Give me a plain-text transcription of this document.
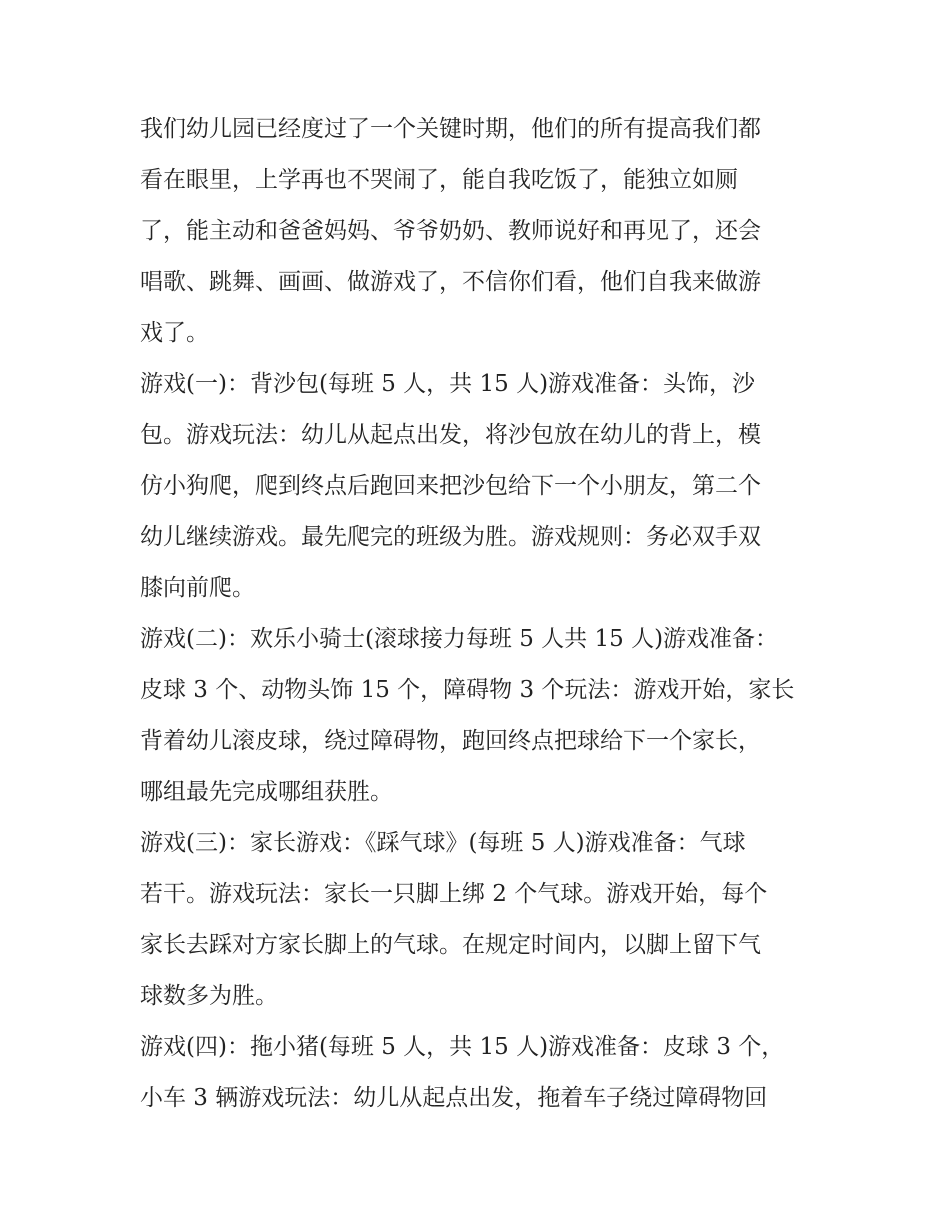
我们幼儿园已经度过了一个关键时期，他们的所有提高我们都
看在眼里，上学再也不哭闹了，能自我吃饭了，能独立如厕
了，能主动和爸爸妈妈、爷爷奶奶、教师说好和再见了，还会
唱歌、跳舞、画画、做游戏了，不信你们看，他们自我来做游
戏了。
游戏(一)：背沙包(每班 5 人，共 15 人)游戏准备：头饰，沙
包。游戏玩法：幼儿从起点出发，将沙包放在幼儿的背上，模
仿小狗爬，爬到终点后跑回来把沙包给下一个小朋友，第二个
幼儿继续游戏。最先爬完的班级为胜。游戏规则：务必双手双
膝向前爬。
游戏(二)：欢乐小骑士(滚球接力每班 5 人共 15 人)游戏准备：
皮球 3 个、动物头饰 15 个，障碍物 3 个玩法：游戏开始，家长
背着幼儿滚皮球，绕过障碍物，跑回终点把球给下一个家长，
哪组最先完成哪组获胜。
游戏(三)：家长游戏：《踩气球》(每班 5 人)游戏准备：气球
若干。游戏玩法：家长一只脚上绑 2 个气球。游戏开始，每个
家长去踩对方家长脚上的气球。在规定时间内，以脚上留下气
球数多为胜。
游戏(四)：拖小猪(每班 5 人，共 15 人)游戏准备：皮球 3 个，
小车 3 辆游戏玩法：幼儿从起点出发，拖着车子绕过障碍物回
